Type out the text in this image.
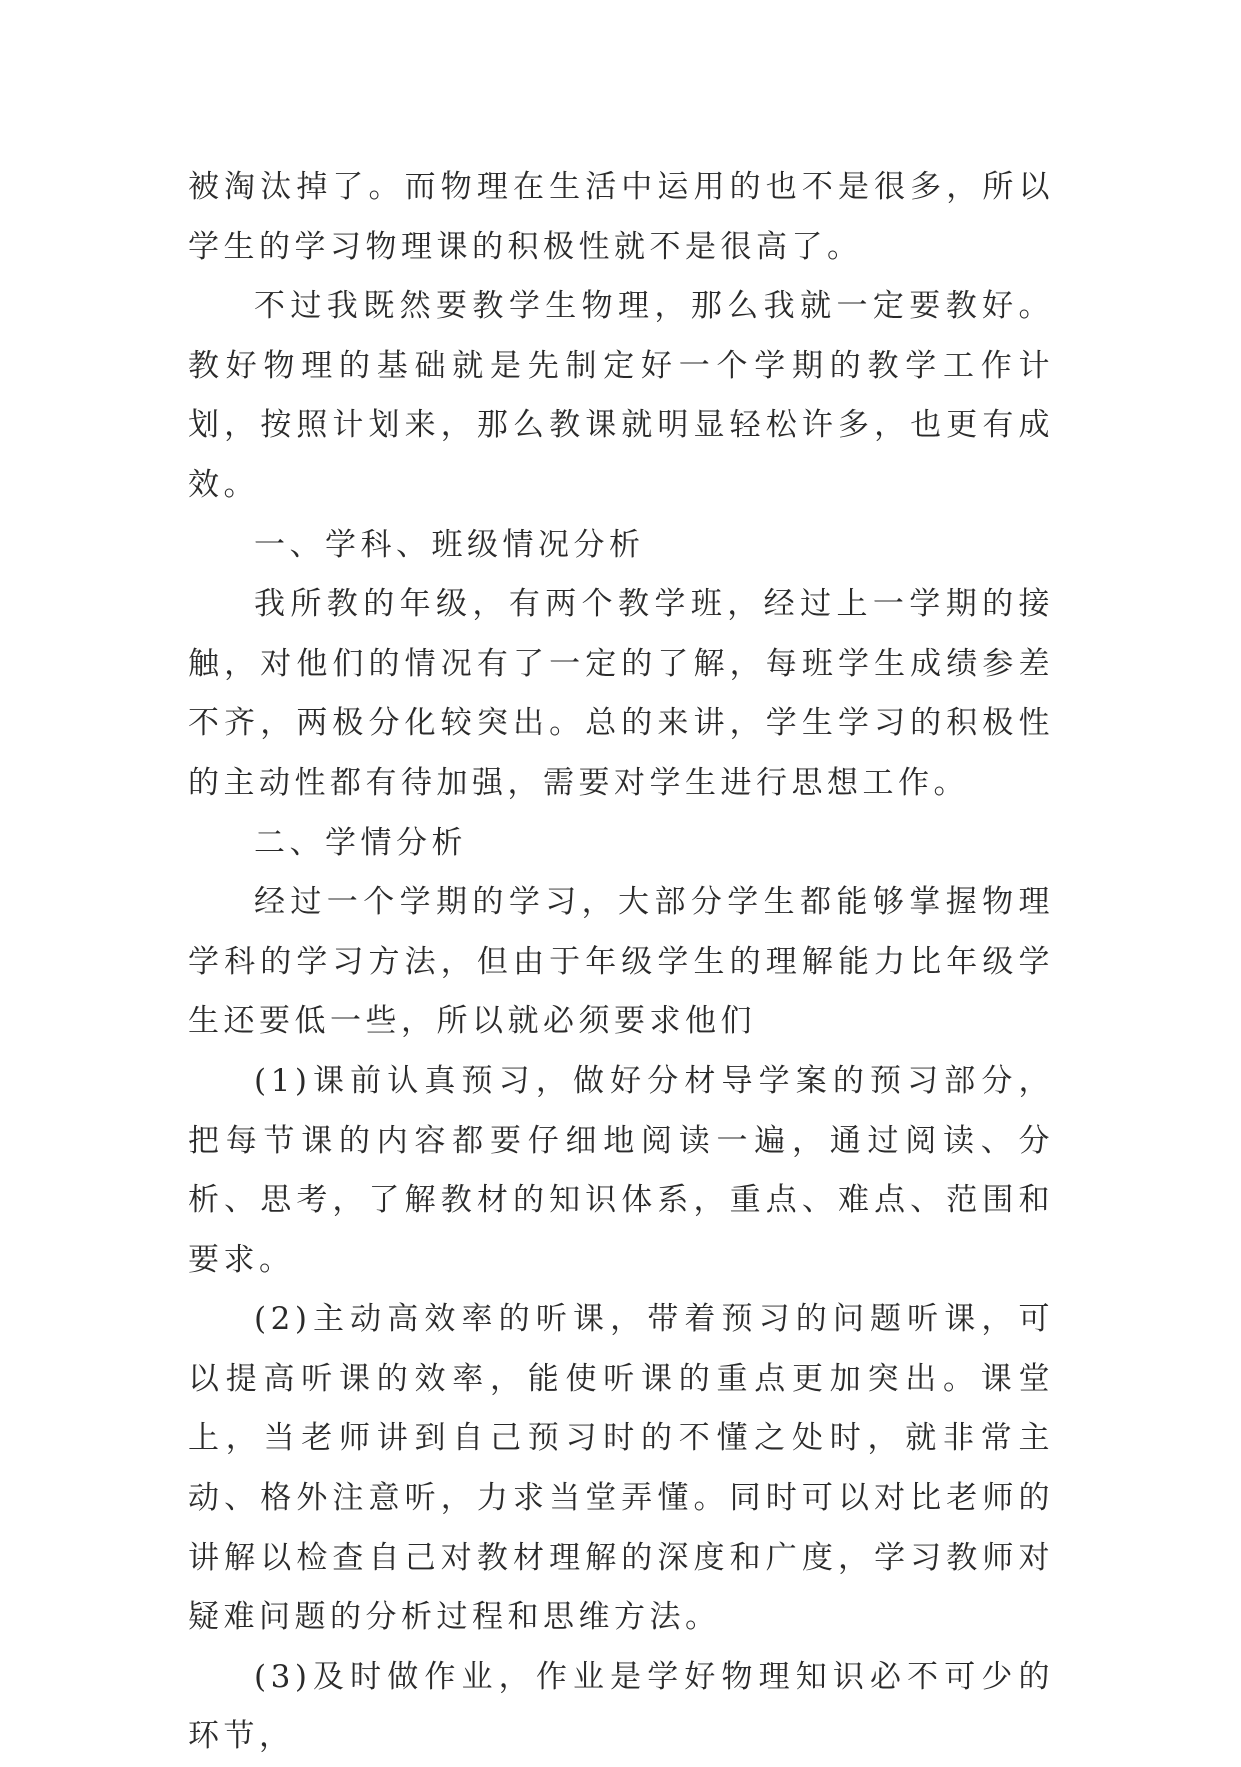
被淘汰掉了。而物理在生活中运用的也不是很多，所以学生的学习物理课的积极性就不是很高了。

不过我既然要教学生物理，那么我就一定要教好。教好物理的基础就是先制定好一个学期的教学工作计划，按照计划来，那么教课就明显轻松许多，也更有成效。

一、学科、班级情况分析

我所教的年级，有两个教学班，经过上一学期的接触，对他们的情况有了一定的了解，每班学生成绩参差不齐，两极分化较突出。总的来讲，学生学习的积极性的主动性都有待加强，需要对学生进行思想工作。

二、学情分析

经过一个学期的学习，大部分学生都能够掌握物理学科的学习方法，但由于年级学生的理解能力比年级学生还要低一些，所以就必须要求他们

(1)课前认真预习，做好分材导学案的预习部分，把每节课的内容都要仔细地阅读一遍，通过阅读、分析、思考，了解教材的知识体系，重点、难点、范围和要求。

(2)主动高效率的听课，带着预习的问题听课，可以提高听课的效率，能使听课的重点更加突出。课堂上，当老师讲到自己预习时的不懂之处时，就非常主动、格外注意听，力求当堂弄懂。同时可以对比老师的讲解以检查自己对教材理解的深度和广度，学习教师对疑难问题的分析过程和思维方法。

(3)及时做作业，作业是学好物理知识必不可少的环节，
